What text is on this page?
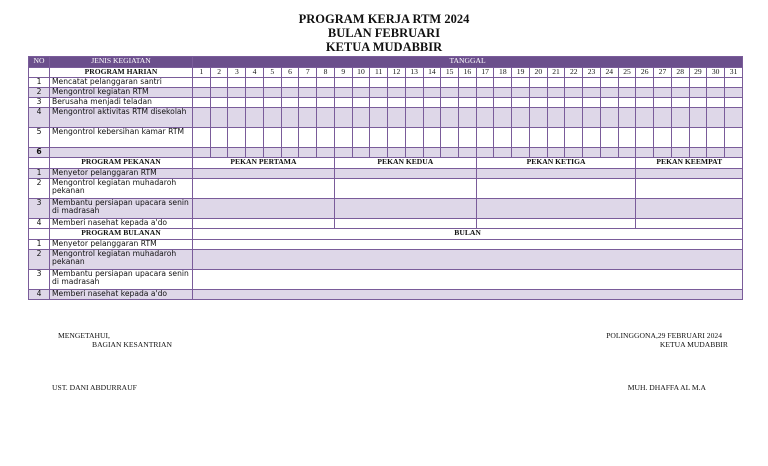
PROGRAM KERJA RTM 2024
BULAN FEBRUARI
KETUA MUDABBIR
NO	JENIS KEGIATAN	TANGGAL																														
	PROGRAM HARIAN	1	2	3	4	5	6	7	8	9	10	11	12	13	14	15	16	17	18	19	20	21	22	23	24	25	26	27	28	29	30	31
1	Mencatat pelanggaran santri																															
2	Mengontrol kegiatan RTM																															
3	Berusaha menjadi teladan																															
4	Mengontrol aktivitas RTM disekolah																															
5	Mengontrol kebersihan kamar RTM																															
6																																
	PROGRAM PEKANAN	PEKAN PERTAMA								PEKAN KEDUA								PEKAN KETIGA									PEKAN KEEMPAT					
1	Menyetor pelanggaran RTM																															
2	Mengontrol kegiatan muhadaroh pekanan																															
3	Membantu persiapan upacara senin di madrasah																															
4	Memberi nasehat kepada a'do																															
	PROGRAM BULANAN	BULAN																														
1	Menyetor pelanggaran RTM																															
2	Mengontrol kegiatan muhadaroh pekanan																															
3	Membantu persiapan upacara senin di madrasah																															
4	Memberi nasehat kepada a'do																															
MENGETAHUI,
BAGIAN KESANTRIAN
UST. DANI ABDURRAUF
POLINGGONA,29 FEBRUARI 2024
KETUA MUDABBIR
MUH. DHAFFA AL M.A
